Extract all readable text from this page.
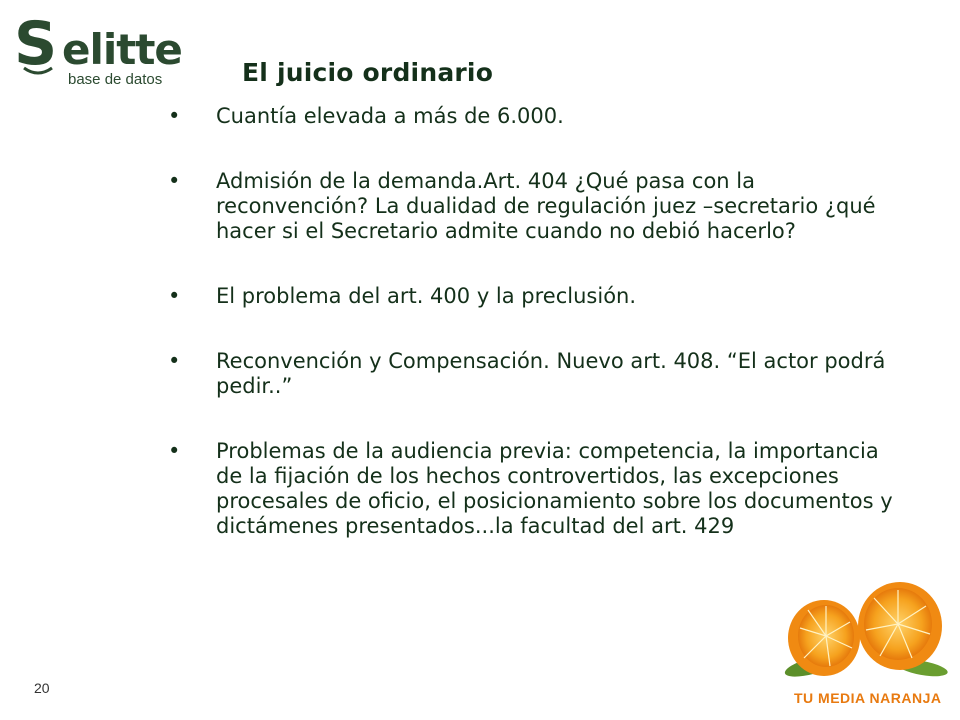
S elitte
base de datos	El juicio ordinario
• Cuantía elevada a más de 6.000.
• Admisión de la demanda.Art. 404 ¿Qué pasa con la reconvención? La dualidad de regulación juez –secretario ¿qué hacer si el Secretario admite cuando no debió hacerlo?
• El problema del art. 400 y la preclusión.
• Reconvención y Compensación. Nuevo art. 408. “El actor podrá pedir..”
• Problemas de la audiencia previa: competencia, la importancia de la fijación de los hechos controvertidos, las excepciones procesales de oficio, el posicionamiento sobre los documentos y dictámenes presentados...la facultad del art. 429
20
TU MEDIA NARANJA
